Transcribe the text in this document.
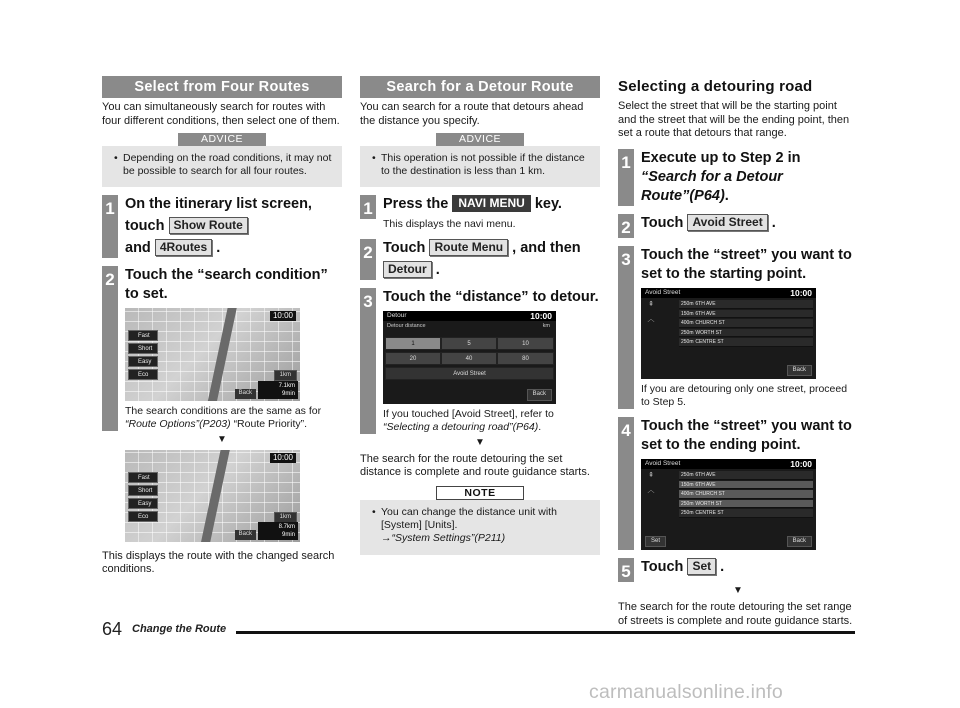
Select from Four Routes

You can simultaneously search for routes with four different conditions, then select one of them.

ADVICE
• Depending on the road conditions, it may not be possible to search for all four routes.
1 On the itinerary list screen,
touch Show Route
and 4Routes .
2 Touch the “search condition” to set.
10:00
Fast
Short
Easy
Eco	1km
Back
7.1km
9min
The search conditions are the same as for “Route Options”(P203) “Route Priority”.
▼
10:00
Fast
Short
Easy
Eco	1km
Back
8.7km
9min

This displays the route with the changed search conditions.

Search for a Detour Route

You can search for a route that detours ahead the distance you specify.

ADVICE
• This operation is not possible if the distance to the destination is less than 1 km.
1 Press the NAVI MENU key.
This displays the navi menu.
2 Touch Route Menu , and then
Detour .
3 Touch the “distance” to detour.
Detour	10:00
Detour distance	km
1	5	10
20	40	80
Avoid Street
Back
If you touched [Avoid Street], refer to “Selecting a detouring road”(P64).
▼

The search for the route detouring the set distance is complete and route guidance starts.

NOTE
• You can change the distance unit with [System] [Units].
→“System Settings”(P211)
Selecting a detouring road

Select the street that will be the starting point and the street that will be the ending point, then set a route that detours that range.

1 Execute up to Step 2 in “Search for a Detour Route”(P64).
2 Touch Avoid Street .
3 Touch the “street” you want to set to the starting point.
Avoid Street	10:00
⇞
︿
250m 6TH AVE
150m 6TH AVE
400m CHURCH ST
250m WORTH ST
250m CENTRE ST
Back
If you are detouring only one street, proceed to Step 5.
4 Touch the “street” you want to set to the ending point.
Avoid Street	10:00
⇞
︿
250m 6TH AVE
150m 6TH AVE
400m CHURCH ST
250m WORTH ST
250m CENTRE ST
Set	Back
5 Touch Set .
▼

The search for the route detouring the set range of streets is complete and route guidance starts.

64 Change the Route
carmanualsonline.info
